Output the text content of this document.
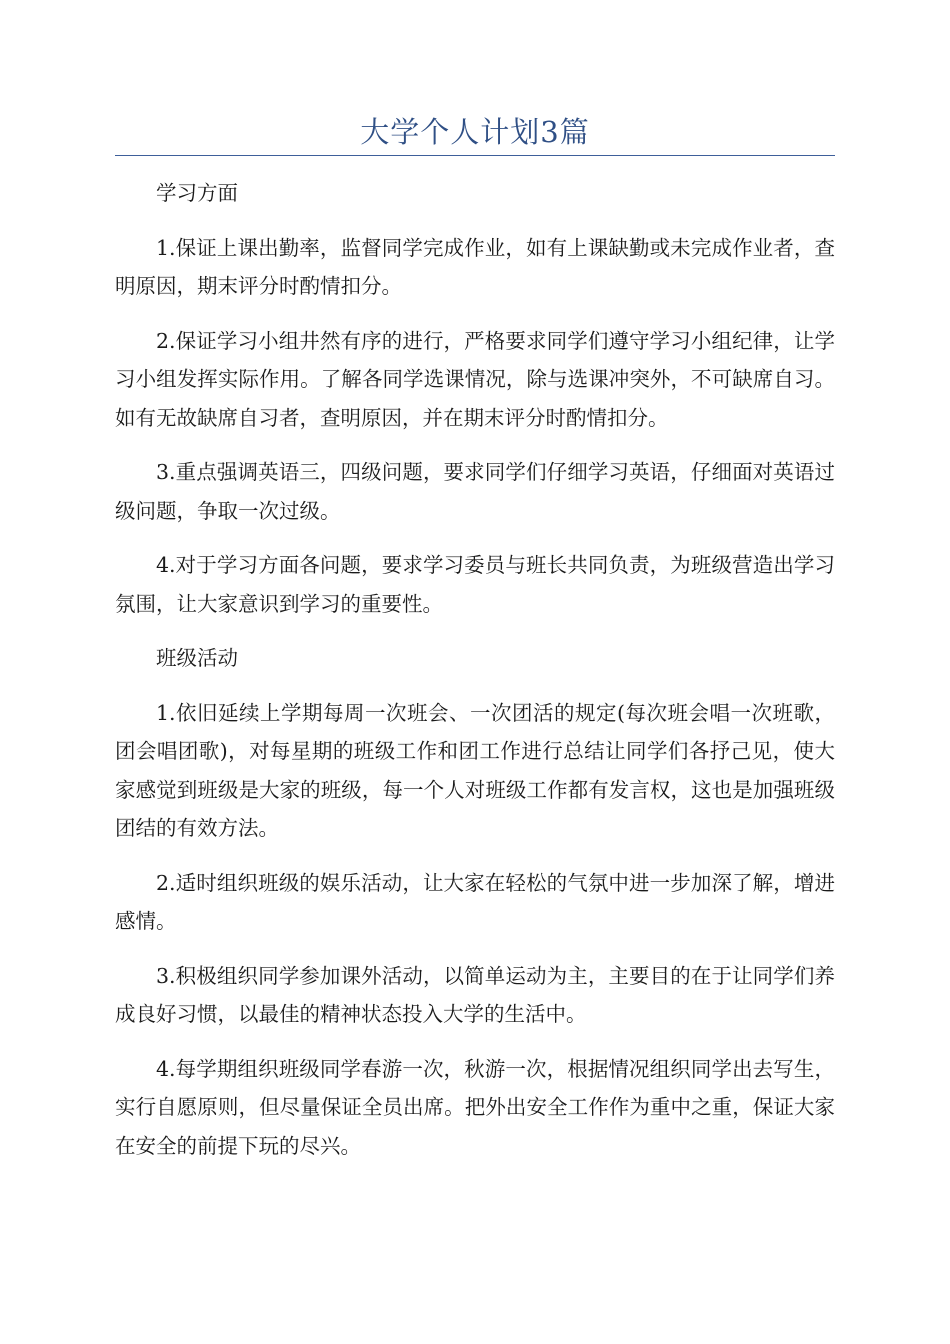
大学个人计划3篇

学习方面

1.保证上课出勤率，监督同学完成作业，如有上课缺勤或未完成作业者，查明原因，期末评分时酌情扣分。

2.保证学习小组井然有序的进行，严格要求同学们遵守学习小组纪律，让学习小组发挥实际作用。了解各同学选课情况，除与选课冲突外，不可缺席自习。如有无故缺席自习者，查明原因，并在期末评分时酌情扣分。

3.重点强调英语三，四级问题，要求同学们仔细学习英语，仔细面对英语过级问题，争取一次过级。

4.对于学习方面各问题，要求学习委员与班长共同负责，为班级营造出学习氛围，让大家意识到学习的重要性。

班级活动

1.依旧延续上学期每周一次班会、一次团活的规定(每次班会唱一次班歌，团会唱团歌)，对每星期的班级工作和团工作进行总结让同学们各抒己见，使大家感觉到班级是大家的班级，每一个人对班级工作都有发言权，这也是加强班级团结的有效方法。

2.适时组织班级的娱乐活动，让大家在轻松的气氛中进一步加深了解，增进感情。

3.积极组织同学参加课外活动，以简单运动为主，主要目的在于让同学们养成良好习惯，以最佳的精神状态投入大学的生活中。

4.每学期组织班级同学春游一次，秋游一次，根据情况组织同学出去写生，实行自愿原则，但尽量保证全员出席。把外出安全工作作为重中之重，保证大家在安全的前提下玩的尽兴。
